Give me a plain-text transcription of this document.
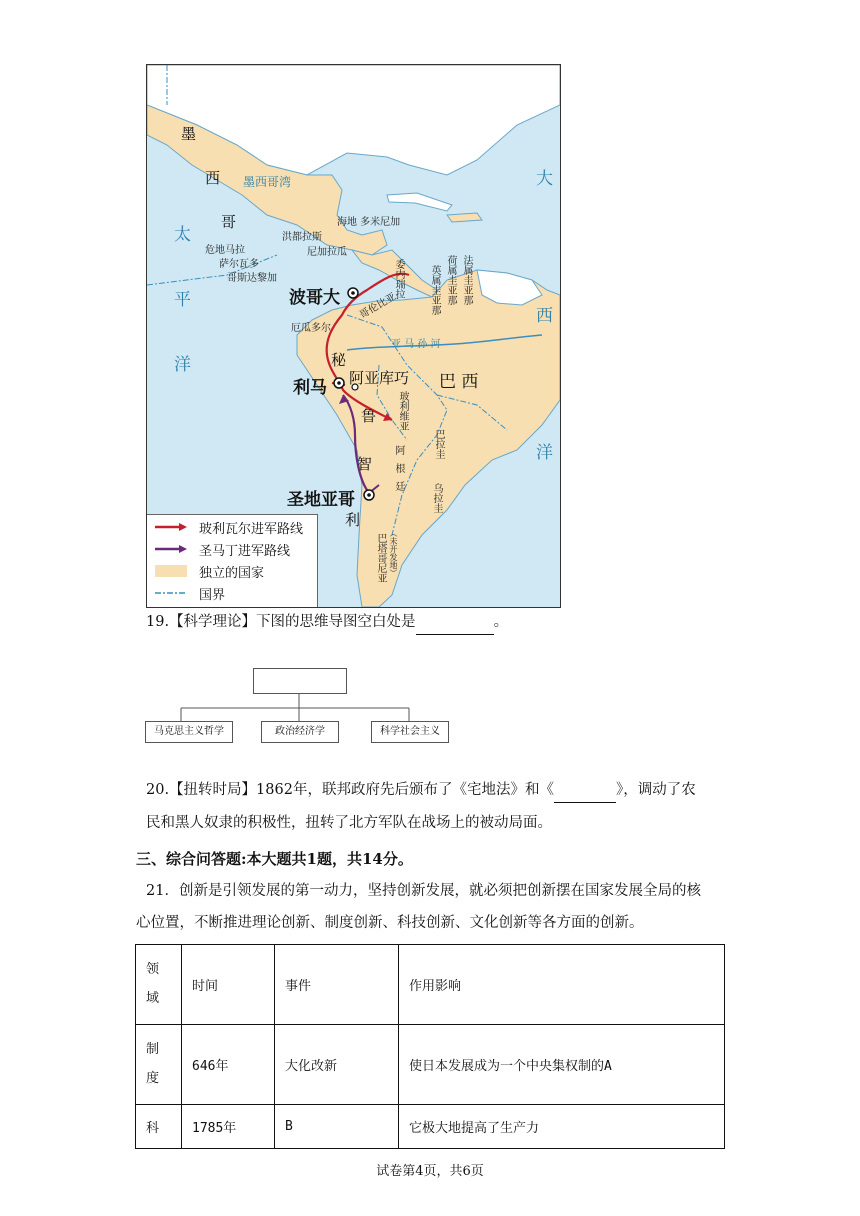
太平洋
大西洋
墨西哥湾
墨
西
哥	海地 多米尼加
洪都拉斯
危地马拉	尼加拉瓜
萨尔瓦多
哥斯达黎加	委内瑞拉
哥伦比亚
厄瓜多尔
英属圭亚那 荷属圭亚那 法属圭亚那
亚 马 孙 河
秘
鲁
巴 西
玻利维亚
巴拉圭
乌拉圭
智
利
阿根廷
巴塔哥尼亚 （未开发地）
波哥大
利马 阿亚库巧
圣地亚哥
玻利瓦尔进军路线
圣马丁进军路线
独立的国家
国界
19.【科学理论】下图的思维导图空白处是	。
马克思主义哲学	政治经济学	科学社会主义
20.【扭转时局】1862年，联邦政府先后颁布了《宅地法》和《	》，调动了农
民和黑人奴隶的积极性，扭转了北方军队在战场上的被动局面。
三、综合问答题:本大题共1题，共14分。
21．创新是引领发展的第一动力，坚持创新发展，就必须把创新摆在国家发展全局的核
心位置，不断推进理论创新、制度创新、科技创新、文化创新等各方面的创新。
领域	时间	事件	作用影响
制度	646年	大化改新	使日本发展成为一个中央集权制的A
科	1785年	B	它极大地提高了生产力
试卷第4页，共6页
